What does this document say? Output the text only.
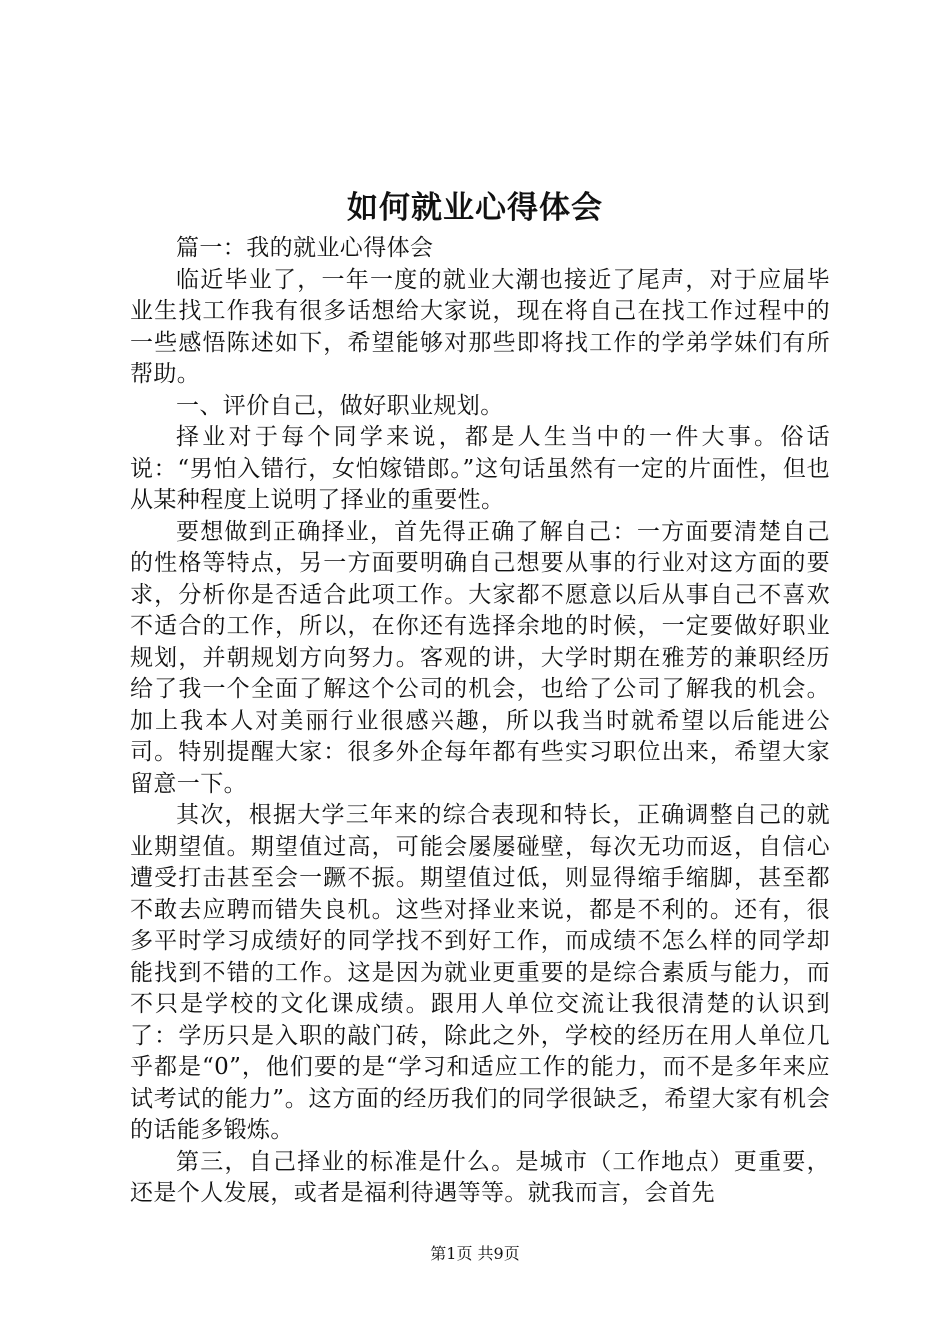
如何就业心得体会

篇一：我的就业心得体会

临近毕业了，一年一度的就业大潮也接近了尾声，对于应届毕业生找工作我有很多话想给大家说，现在将自己在找工作过程中的一些感悟陈述如下，希望能够对那些即将找工作的学弟学妹们有所帮助。

一、评价自己，做好职业规划。

择业对于每个同学来说，都是人生当中的一件大事。俗话说：“男怕入错行，女怕嫁错郎。”这句话虽然有一定的片面性，但也从某种程度上说明了择业的重要性。

要想做到正确择业，首先得正确了解自己：一方面要清楚自己的性格等特点，另一方面要明确自己想要从事的行业对这方面的要求，分析你是否适合此项工作。大家都不愿意以后从事自己不喜欢不适合的工作，所以，在你还有选择余地的时候，一定要做好职业规划，并朝规划方向努力。客观的讲，大学时期在雅芳的兼职经历给了我一个全面了解这个公司的机会，也给了公司了解我的机会。加上我本人对美丽行业很感兴趣，所以我当时就希望以后能进公司。特别提醒大家：很多外企每年都有些实习职位出来，希望大家留意一下。

其次，根据大学三年来的综合表现和特长，正确调整自己的就业期望值。期望值过高，可能会屡屡碰壁，每次无功而返，自信心遭受打击甚至会一蹶不振。期望值过低，则显得缩手缩脚，甚至都不敢去应聘而错失良机。这些对择业来说，都是不利的。还有，很多平时学习成绩好的同学找不到好工作，而成绩不怎么样的同学却能找到不错的工作。这是因为就业更重要的是综合素质与能力，而不只是学校的文化课成绩。跟用人单位交流让我很清楚的认识到了：学历只是入职的敲门砖，除此之外，学校的经历在用人单位几乎都是“0”，他们要的是“学习和适应工作的能力，而不是多年来应试考试的能力”。这方面的经历我们的同学很缺乏，希望大家有机会的话能多锻炼。

第三，自己择业的标准是什么。是城市（工作地点）更重要，还是个人发展，或者是福利待遇等等。就我而言，会首先

第1页 共9页
